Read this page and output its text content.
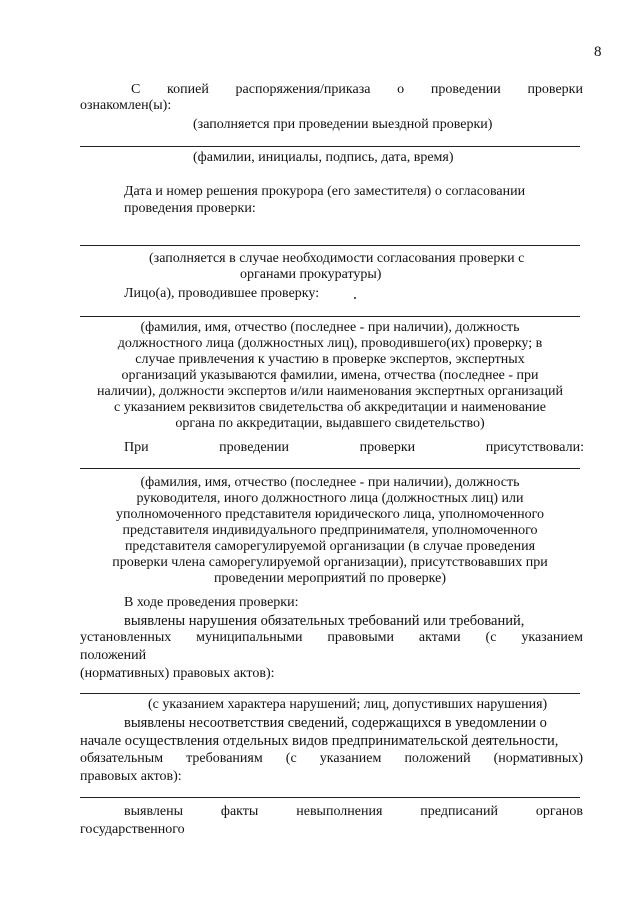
8
С копией распоряжения/приказа о проведении проверки
ознакомлен(ы):
(заполняется при проведении выездной проверки)
(фамилии, инициалы, подпись, дата, время)
Дата и номер решения прокурора (его заместителя) о согласовании
проведения проверки:
(заполняется в случае необходимости согласования проверки с
органами прокуратуры)
Лицо(а), проводившее проверку:
(фамилия, имя, отчество (последнее - при наличии), должность
должностного лица (должностных лиц), проводившего(их) проверку; в
случае привлечения к участию в проверке экспертов, экспертных
организаций указываются фамилии, имена, отчества (последнее - при
наличии), должности экспертов и/или наименования экспертных организаций
с указанием реквизитов свидетельства об аккредитации и наименование
органа по аккредитации, выдавшего свидетельство)
При	проведении	проверки	присутствовали:
(фамилия, имя, отчество (последнее - при наличии), должность
руководителя, иного должностного лица (должностных лиц) или
уполномоченного представителя юридического лица, уполномоченного
представителя индивидуального предпринимателя, уполномоченного
представителя саморегулируемой организации (в случае проведения
проверки члена саморегулируемой организации), присутствовавших при
проведении мероприятий по проверке)
В ходе проведения проверки:
выявлены нарушения обязательных требований или требований,
установленных муниципальными правовыми актами (с указанием
положений
(нормативных) правовых актов):
(с указанием характера нарушений; лиц, допустивших нарушения)
выявлены несоответствия сведений, содержащихся в уведомлении о
начале осуществления отдельных видов предпринимательской деятельности,
обязательным требованиям (с указанием положений (нормативных)
правовых актов):
выявлены	факты	невыполнения	предписаний	органов
государственного
